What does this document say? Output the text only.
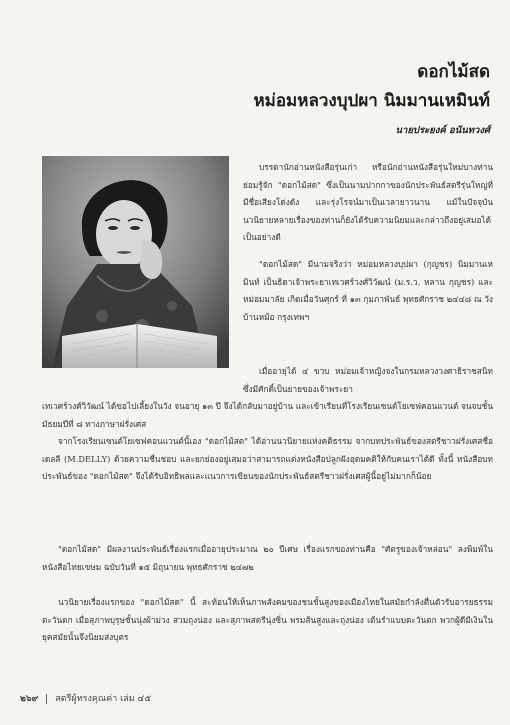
ดอกไม้สด
หม่อมหลวงบุปผา นิมมานเหมินท์
นายประยงค์ อนันทวงศ์

บรรดานักอ่านหนังสือรุ่นเก่า หรือนักอ่านหนังสือรุ่นใหม่บางท่าน ย่อมรู้จัก "ดอกไม้สด" ซึ่งเป็นนามปากกาของนักประพันธ์สตรีรุ่นใหญ่ที่มีชื่อเสียงโด่งดัง และรุ่งโรจน์มาเป็นเวลายาวนาน แม้ในปัจจุบันนวนิยายหลายเรื่องของท่านก็ยังได้รับความนิยมและกล่าวถึงอยู่เสมอได้เป็นอย่างดี

"ดอกไม้สด" มีนามจริงว่า หม่อมหลวงบุปผา (กุญชร) นิมมานเหมินท์ เป็นธิดาเจ้าพระยาเทเวศร์วงศ์วิวัฒน์ (ม.ร.ว. หลาน กุญชร) และหม่อมมาลัย เกิดเมื่อวันศุกร์ ที่ ๑๓ กุมภาพันธ์ พุทธศักราช ๒๔๔๘ ณ วังบ้านหม้อ กรุงเทพฯ

เมื่ออายุได้ ๔ ขวบ หม่อมเจ้าหญิงจงในกรมหลวงวงศาธิราชสนิท ซึ่งมีศักดิ์เป็นยายของเจ้าพระยา

เทเวศร์วงศ์วิวัฒน์ ได้ขอไปเลี้ยงในวัง จนอายุ ๑๓ ปี จึงได้กลับมาอยู่บ้าน และเข้าเรียนที่โรงเรียนเซนต์โยเซฟคอนแวนต์ จนจบชั้นมัธยมปีที่ ๘ ทางภาษาฝรั่งเศส

จากโรงเรียนเซนต์โยเซฟคอนแวนต์นี้เอง "ดอกไม้สด" ได้อ่านนวนิยายแห่งคติธรรม จากบทประพันธ์ของสตรีชาวฝรั่งเศสชื่อ เดลลี (M.DELLY) ด้วยความชื่นชอบ และยกย่องอยู่เสมอว่าสามารถแต่งหนังสือปลูกฝังอุดมคติให้กับคนเราได้ดี ทั้งนี้ หนังสือบทประพันธ์ของ "ดอกไม้สด" จึงได้รับอิทธิพลและแนวการเขียนของนักประพันธ์สตรีชาวฝรั่งเศสผู้นี้อยู่ไม่มากก็น้อย

"ดอกไม้สด" มีผลงานประพันธ์เรื่องแรกเมื่ออายุประมาณ ๒๐ ปีเศษ เรื่องแรกของท่านคือ "ศัตรูของเจ้าหล่อน" ลงพิมพ์ในหนังสือไทยเขษม ฉบับวันที่ ๑๕ มิถุนายน พุทธศักราช ๒๔๗๒

นวนิยายเรื่องแรกของ "ดอกไม้สด" นี้ สะท้อนให้เห็นภาพสังคมของชนชั้นสูงของเมืองไทยในสมัยกำลังตื่นตัวรับอารยธรรมตะวันตก เมื่อสุภาพบุรุษชั้นนุ่งผ้าม่วง สวมถุงน่อง และสุภาพสตรีนุ่งซิ่น พรมส้นสูงและถุงน่อง เต้นรำแบบตะวันตก พวกผู้ดีมีเงินในยุคสมัยนั้นจึงนิยมส่งบุตร

๒๖๙ สตรีผู้ทรงคุณค่า เล่ม ๔๕
